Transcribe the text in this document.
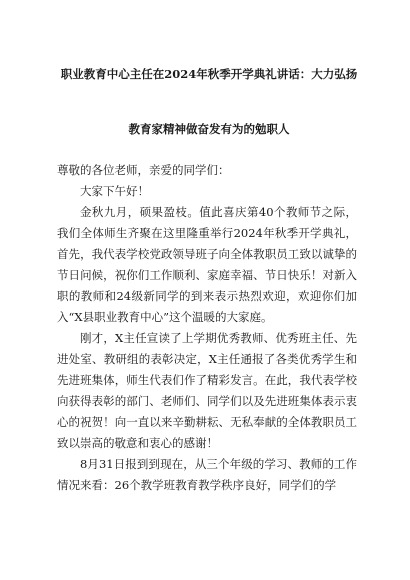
职业教育中心主任在2024年秋季开学典礼讲话：大力弘扬
教育家精神做奋发有为的勉职人

尊敬的各位老师，亲爱的同学们：

大家下午好！

金秋九月，硕果盈枝。值此喜庆第40个教师节之际，我们全体师生齐聚在这里隆重举行2024年秋季开学典礼，首先，我代表学校党政领导班子向全体教职员工致以诚挚的节日问候，祝你们工作顺利、家庭幸福、节日快乐！对新入职的教师和24级新同学的到来表示热烈欢迎，欢迎你们加入“X县职业教育中心”这个温暖的大家庭。

刚才，X主任宣读了上学期优秀教师、优秀班主任、先进处室、教研组的表彰决定，X主任通报了各类优秀学生和先进班集体，师生代表们作了精彩发言。在此，我代表学校向获得表彰的部门、老师们、同学们以及先进班集体表示衷心的祝贺！向一直以来辛勤耕耘、无私奉献的全体教职员工致以崇高的敬意和衷心的感谢！

8月31日报到到现在，从三个年级的学习、教师的工作情况来看：26个教学班教育教学秩序良好，同学们的学
